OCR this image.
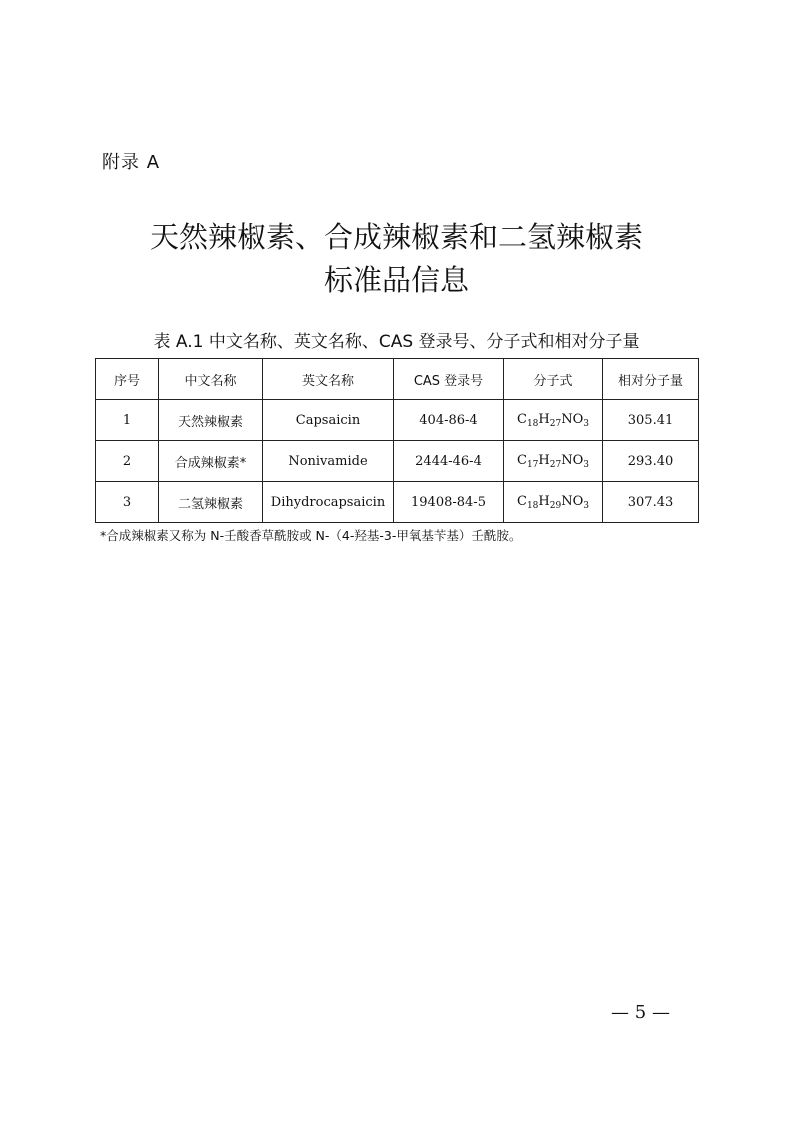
附录 A
天然辣椒素、合成辣椒素和二氢辣椒素
标准品信息
表 A.1 中文名称、英文名称、CAS 登录号、分子式和相对分子量
序号	中文名称	英文名称	CAS 登录号	分子式	相对分子量
1	天然辣椒素	Capsaicin	404-86-4	$C_{18}H_{27}NO_3$	305.41
2	合成辣椒素*	Nonivamide	2444-46-4	$C_{17}H_{27}NO_3$	293.40
3	二氢辣椒素	Dihydrocapsaicin	19408-84-5	$C_{18}H_{29}NO_3$	307.43
*合成辣椒素又称为 N-壬酸香草酰胺或 N-（4-羟基-3-甲氧基苄基）壬酰胺。
— 5 —
